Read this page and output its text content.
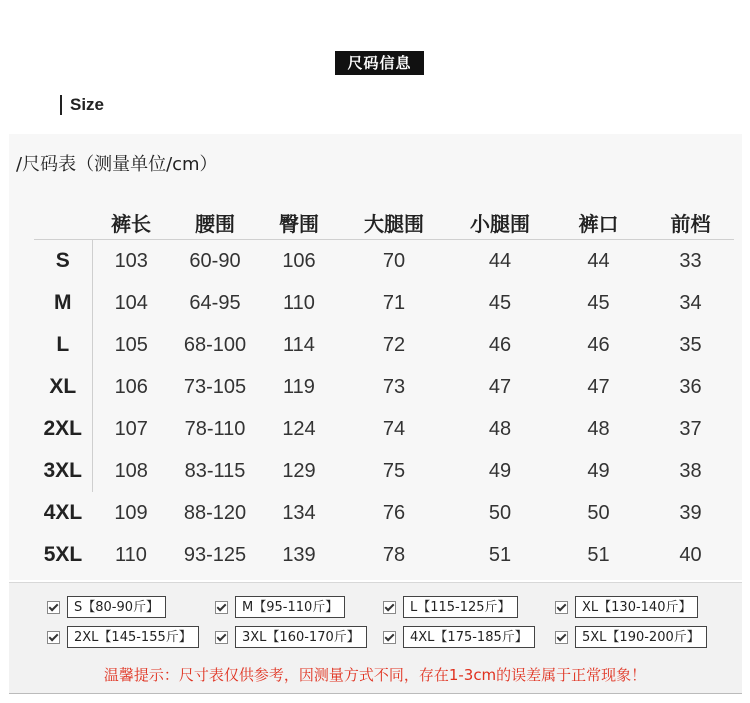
尺码信息
Size
/尺码表（测量单位/cm）
	裤长	腰围	臀围	大腿围	小腿围	裤口	前档
S	103	60-90	106	70	44	44	33
M	104	64-95	110	71	45	45	34
L	105	68-100	114	72	46	46	35
XL	106	73-105	119	73	47	47	36
2XL	107	78-110	124	74	48	48	37
3XL	108	83-115	129	75	49	49	38
4XL	109	88-120	134	76	50	50	39
5XL	110	93-125	139	78	51	51	40
S【80-90斤】	M【95-110斤】	L【115-125斤】	XL【130-140斤】
2XL【145-155斤】	3XL【160-170斤】	4XL【175-185斤】	5XL【190-200斤】
温馨提示：尺寸表仅供参考，因测量方式不同，存在1-3cm的误差属于正常现象！
